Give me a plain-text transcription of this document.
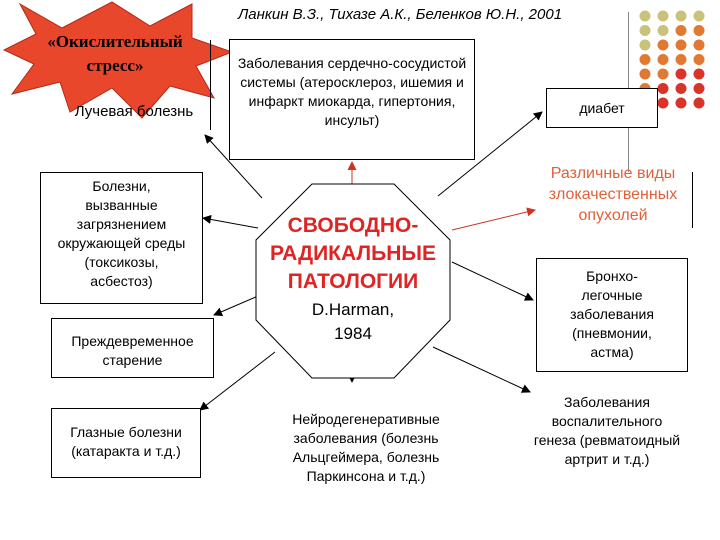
Ланкин В.З., Тихазе А.К., Беленков Ю.Н., 2001
«Окислительный стресс»
Лучевая болезнь
Заболевания сердечно-сосудистой системы (атеросклероз, ишемия и инфаркт миокарда, гипертония, инсульт)
диабет
Различные виды злокачественных опухолей
Болезни, вызванные загрязнением окружающей среды (токсикозы, асбестоз)
Преждевременное старение
Бронхо-легочные заболевания (пневмонии, астма)
Глазные болезни (катаракта и т.д.)
Нейродегенеративные заболевания (болезнь Альцгеймера, болезнь Паркинсона и т.д.)
Заболевания воспалительного генеза (ревматоидный артрит и т.д.)
СВОБОДНО-
РАДИКАЛЬНЫЕ
ПАТОЛОГИИ
D.Harman,
1984
